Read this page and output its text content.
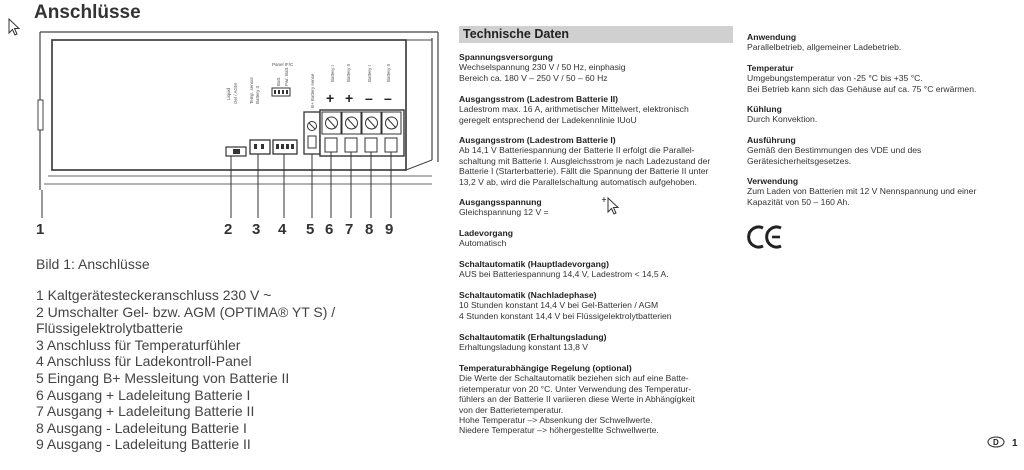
Anschlüsse
Liquid Gel / AGM Temp. sensor Battery II
Panel IF/C
Batt. Pwr. Batt.	B+ Battery sense
Battery II
Battery I	Battery I	Battery II
+ + – –
1	2 3 4 5 6 7 8 9
Bild 1: Anschlüsse
1 Kaltgerätesteckeranschluss 230 V ~
2 Umschalter Gel- bzw. AGM (OPTIMA® YT S) /
Flüssigelektrolytbatterie
3 Anschluss für Temperaturfühler
4 Anschluss für Ladekontroll-Panel
5 Eingang B+ Messleitung von Batterie II
6 Ausgang + Ladeleitung Batterie I
7 Ausgang + Ladeleitung Batterie II
8 Ausgang - Ladeleitung Batterie I
9 Ausgang - Ladeleitung Batterie II
Technische Daten
Spannungsversorgung
Wechselspannung 230 V / 50 Hz, einphasig
Bereich ca. 180 V – 250 V / 50 – 60 Hz
Ausgangsstrom (Ladestrom Batterie II)
Ladestrom max. 16 A, arithmetischer Mittelwert, elektronisch
geregelt entsprechend der Ladekennlinie IUoU
Ausgangsstrom (Ladestrom Batterie I)
Ab 14,1 V Batteriespannung der Batterie II erfolgt die Parallel-
schaltung mit Batterie I. Ausgleichsstrom je nach Ladezustand der
Batterie I (Starterbatterie). Fällt die Spannung der Batterie II unter
13,2 V ab, wird die Parallelschaltung automatisch aufgehoben.
Ausgangsspannung
Gleichspannung 12 V =
Ladevorgang
Automatisch
Schaltautomatik (Hauptladevorgang)
AUS bei Batteriespannung 14,4 V, Ladestrom < 14,5 A.
Schaltautomatik (Nachladephase)
10 Stunden konstant 14,4 V bei Gel-Batterien / AGM
4 Stunden konstant 14,4 V bei Flüssigelektrolytbatterien
Schaltautomatik (Erhaltungsladung)
Erhaltungsladung konstant 13,8 V
Temperaturabhängige Regelung (optional)
Die Werte der Schaltautomatik beziehen sich auf eine Batte-
rietemperatur von 20 °C. Unter Verwendung des Temperatur-
fühlers an der Batterie II variieren diese Werte in Abhängigkeit
von der Batterietemperatur.
Hohe Temperatur –> Absenkung der Schwellwerte.
Niedere Temperatur –> höhergestellte Schwellwerte.
Anwendung
Parallelbetrieb, allgemeiner Ladebetrieb.
Temperatur
Umgebungstemperatur von -25 °C bis +35 °C.
Bei Betrieb kann sich das Gehäuse auf ca. 75 °C erwärmen.
Kühlung
Durch Konvektion.
Ausführung
Gemäß den Bestimmungen des VDE und des
Gerätesicherheitsgesetzes.
Verwendung
Zum Laden von Batterien mit 12 V Nennspannung und einer
Kapazität von 50 – 160 Ah.
D 1
